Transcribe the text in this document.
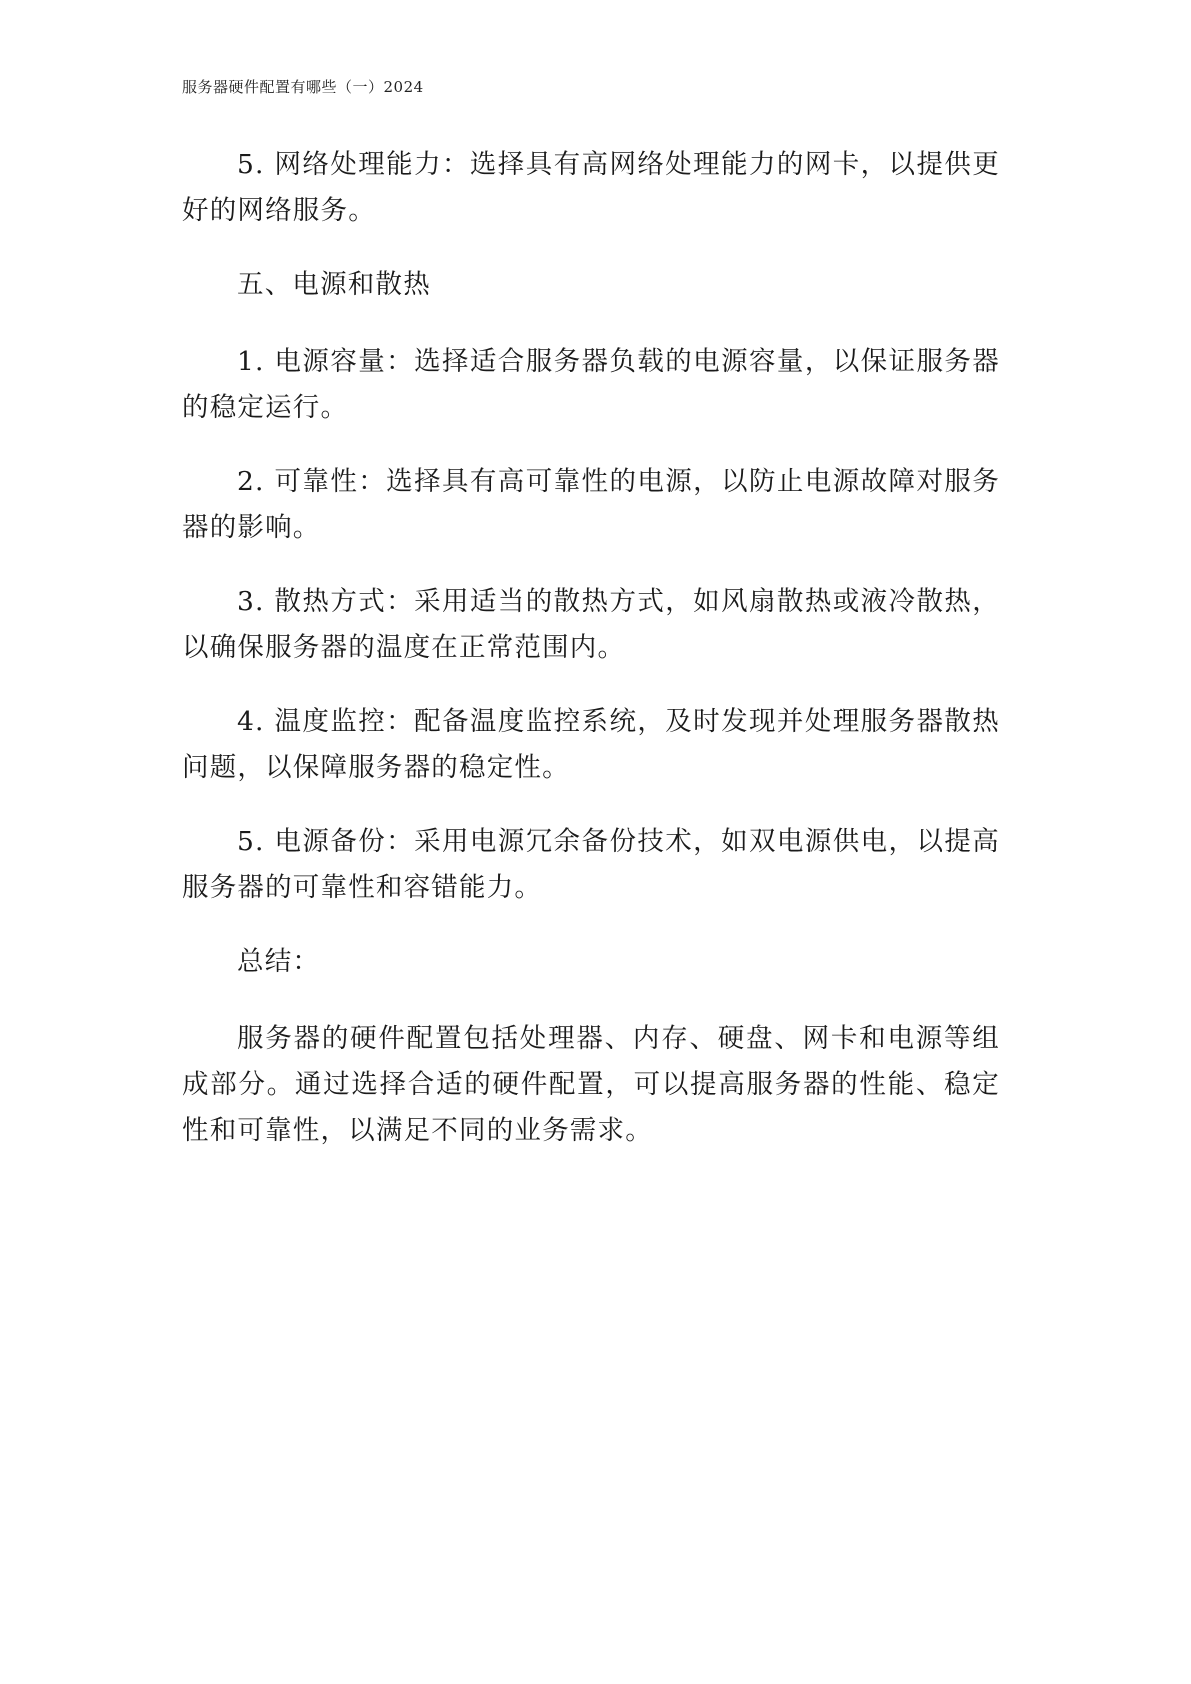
服务器硬件配置有哪些（一）2024

5. 网络处理能力：选择具有高网络处理能力的网卡，以提供更好的网络服务。

五、电源和散热

1. 电源容量：选择适合服务器负载的电源容量，以保证服务器的稳定运行。

2. 可靠性：选择具有高可靠性的电源，以防止电源故障对服务器的影响。

3. 散热方式：采用适当的散热方式，如风扇散热或液冷散热，以确保服务器的温度在正常范围内。

4. 温度监控：配备温度监控系统，及时发现并处理服务器散热问题，以保障服务器的稳定性。

5. 电源备份：采用电源冗余备份技术，如双电源供电，以提高服务器的可靠性和容错能力。

总结：

服务器的硬件配置包括处理器、内存、硬盘、网卡和电源等组成部分。通过选择合适的硬件配置，可以提高服务器的性能、稳定性和可靠性，以满足不同的业务需求。
